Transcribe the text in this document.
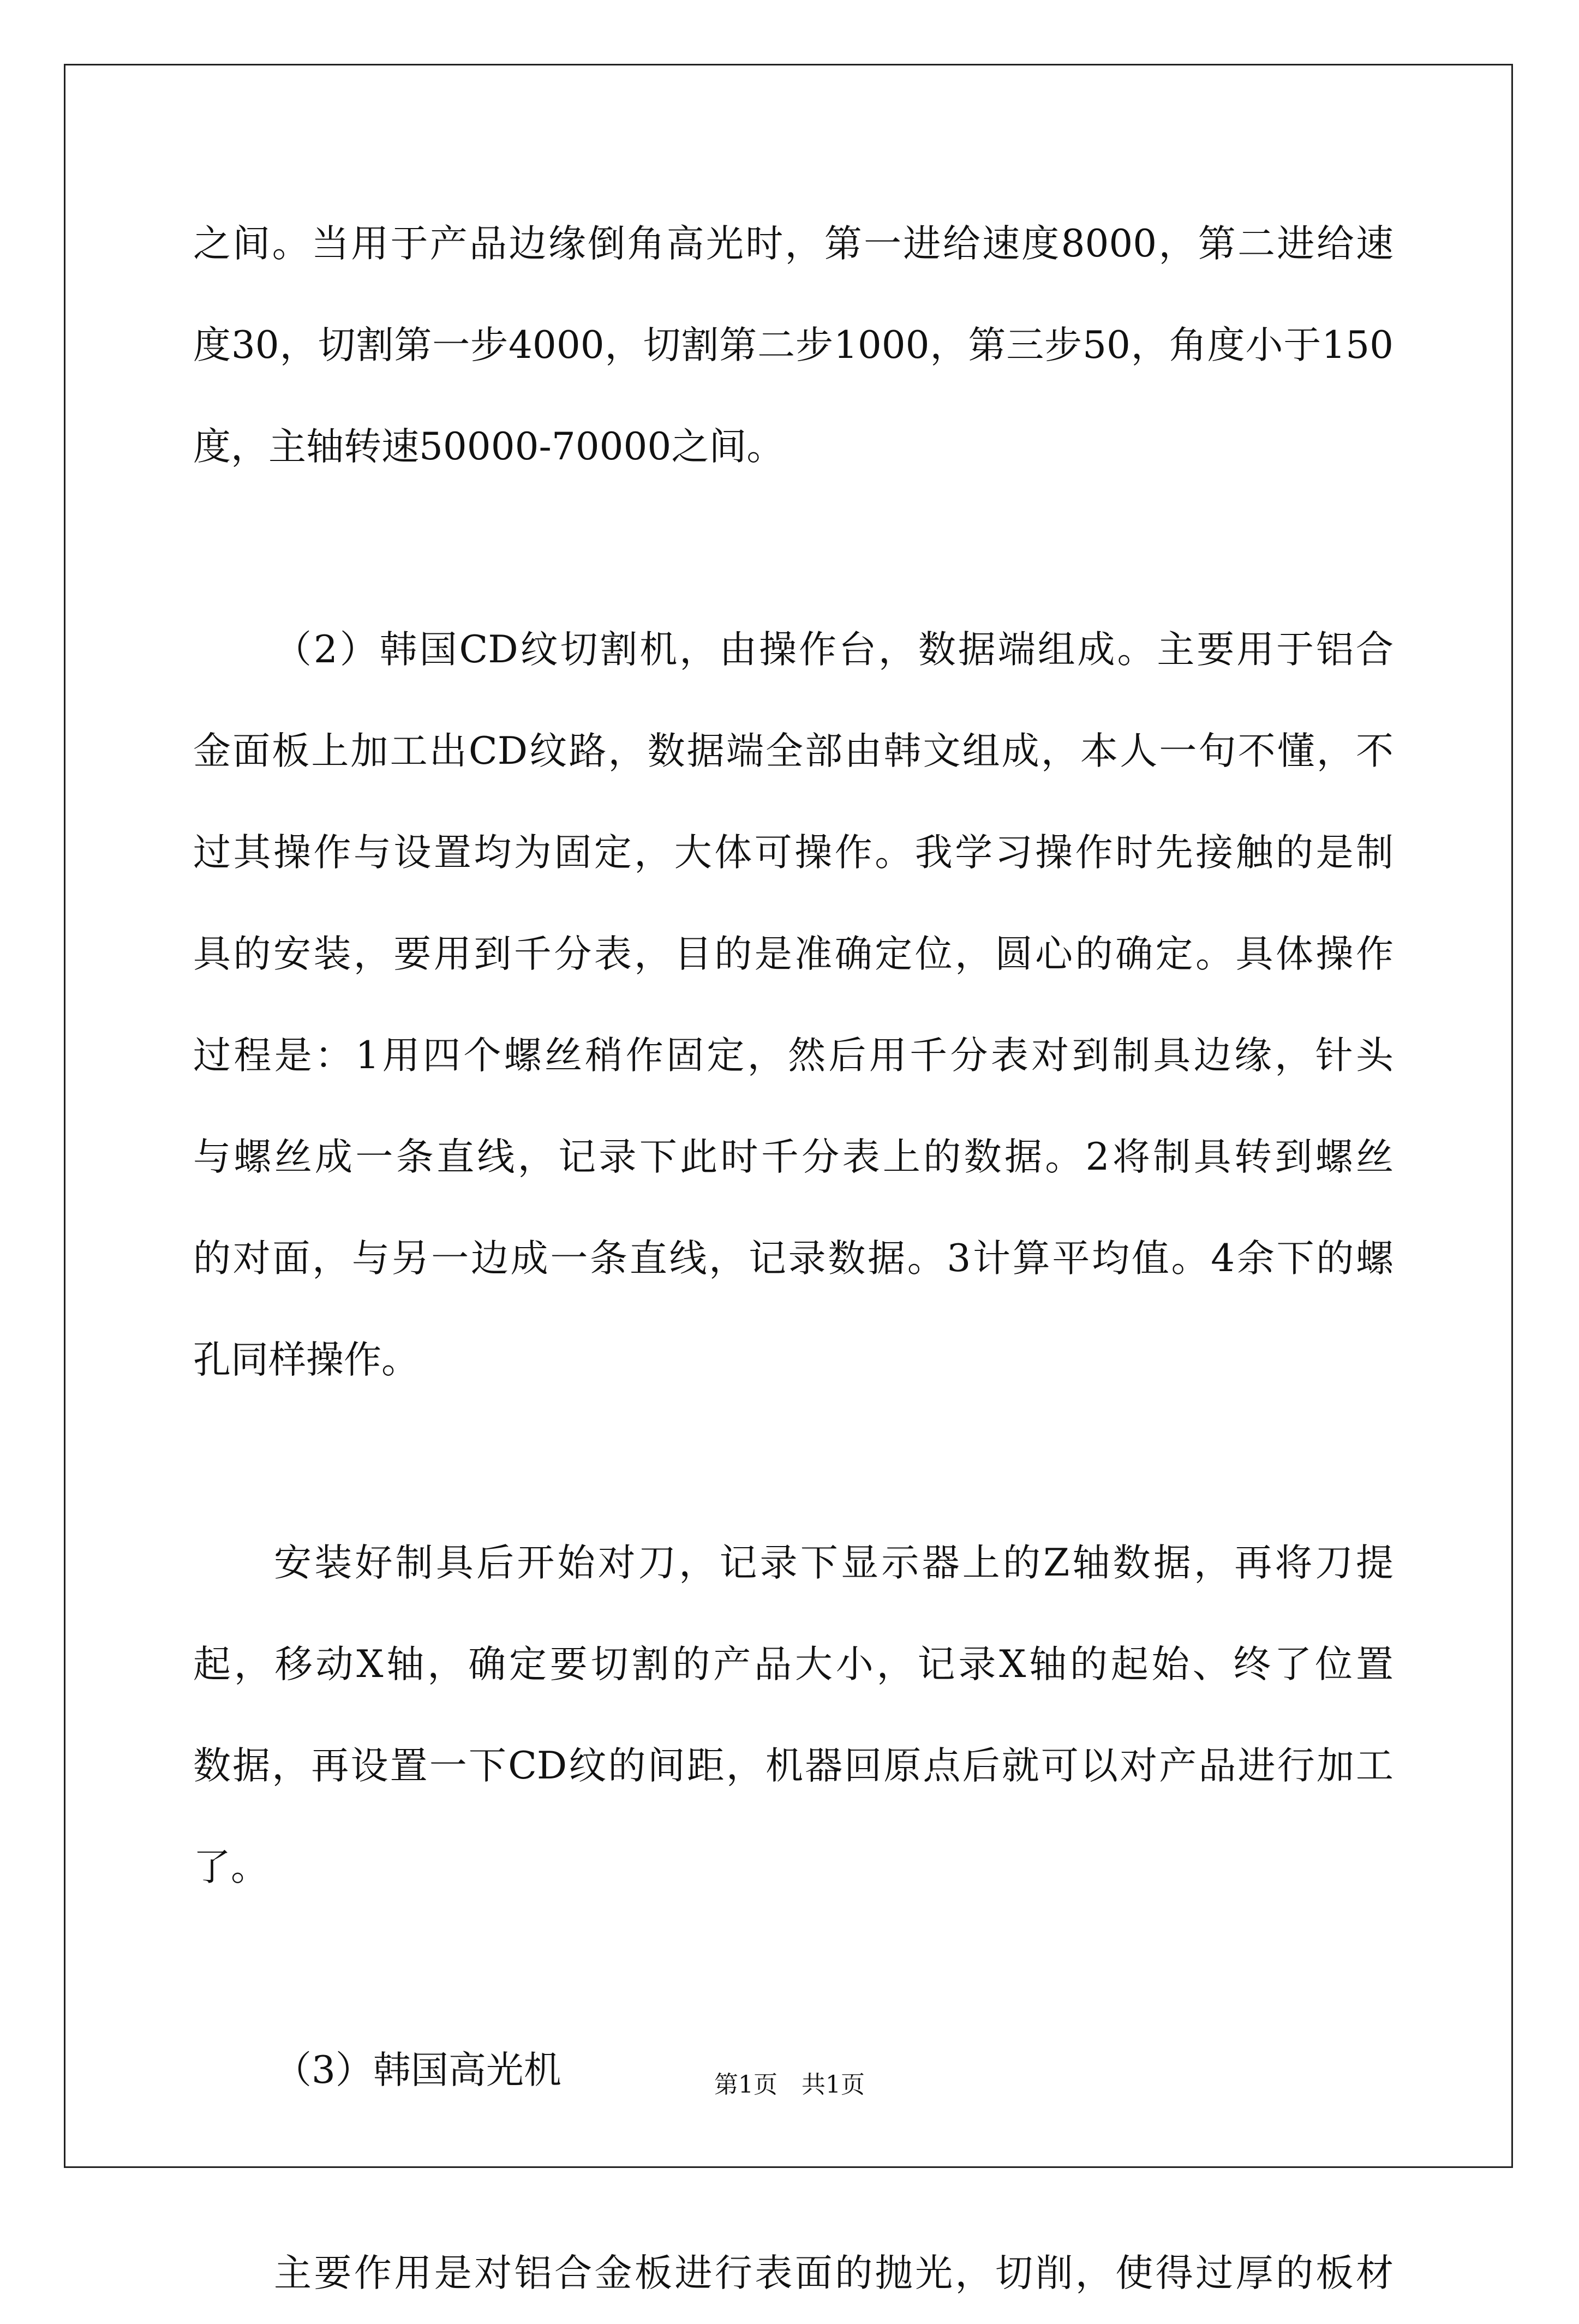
之间。当用于产品边缘倒角高光时，第一进给速度8000，第二进给速
度30，切割第一步4000，切割第二步1000，第三步50，角度小于150
度，主轴转速50000-70000之间。
（2）韩国CD纹切割机，由操作台，数据端组成。主要用于铝合
金面板上加工出CD纹路，数据端全部由韩文组成，本人一句不懂，不
过其操作与设置均为固定，大体可操作。我学习操作时先接触的是制
具的安装，要用到千分表，目的是准确定位，圆心的确定。具体操作
过程是：1用四个螺丝稍作固定，然后用千分表对到制具边缘，针头
与螺丝成一条直线，记录下此时千分表上的数据。2将制具转到螺丝
的对面，与另一边成一条直线，记录数据。3计算平均值。4余下的螺
孔同样操作。
安装好制具后开始对刀，记录下显示器上的Z轴数据，再将刀提
起，移动X轴，确定要切割的产品大小，记录X轴的起始、终了位置
数据，再设置一下CD纹的间距，机器回原点后就可以对产品进行加工
了。
（3）韩国高光机
主要作用是对铝合金板进行表面的抛光，切削，使得过厚的板材
第1页　共1页
